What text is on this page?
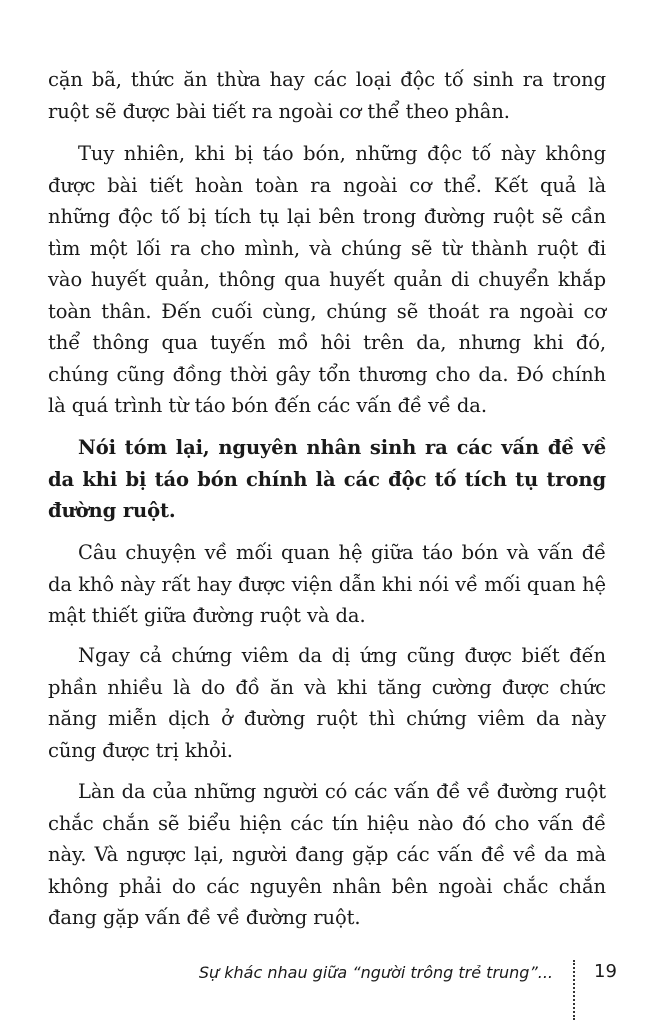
cặn bã, thức ăn thừa hay các loại độc tố sinh ra trong ruột sẽ được bài tiết ra ngoài cơ thể theo phân.

Tuy nhiên, khi bị táo bón, những độc tố này không được bài tiết hoàn toàn ra ngoài cơ thể. Kết quả là những độc tố bị tích tụ lại bên trong đường ruột sẽ cần tìm một lối ra cho mình, và chúng sẽ từ thành ruột đi vào huyết quản, thông qua huyết quản di chuyển khắp toàn thân. Đến cuối cùng, chúng sẽ thoát ra ngoài cơ thể thông qua tuyến mồ hôi trên da, nhưng khi đó, chúng cũng đồng thời gây tổn thương cho da. Đó chính là quá trình từ táo bón đến các vấn đề về da.

Nói tóm lại, nguyên nhân sinh ra các vấn đề về da khi bị táo bón chính là các độc tố tích tụ trong đường ruột.

Câu chuyện về mối quan hệ giữa táo bón và vấn đề da khô này rất hay được viện dẫn khi nói về mối quan hệ mật thiết giữa đường ruột và da.

Ngay cả chứng viêm da dị ứng cũng được biết đến phần nhiều là do đồ ăn và khi tăng cường được chức năng miễn dịch ở đường ruột thì chứng viêm da này cũng được trị khỏi.

Làn da của những người có các vấn đề về đường ruột chắc chắn sẽ biểu hiện các tín hiệu nào đó cho vấn đề này. Và ngược lại, người đang gặp các vấn đề về da mà không phải do các nguyên nhân bên ngoài chắc chắn đang gặp vấn đề về đường ruột.

Sự khác nhau giữa “người trông trẻ trung”... 19
